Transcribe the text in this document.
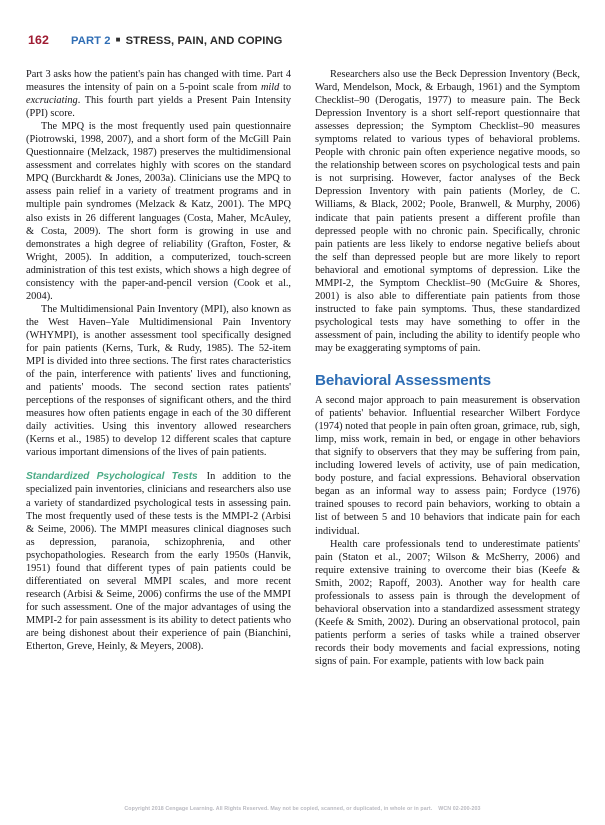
162 PART 2 ■ STRESS, PAIN, AND COPING

Part 3 asks how the patient's pain has changed with time. Part 4 measures the intensity of pain on a 5-point scale from mild to excruciating. This fourth part yields a Present Pain Intensity (PPI) score.

The MPQ is the most frequently used pain questionnaire (Piotrowski, 1998, 2007), and a short form of the McGill Pain Questionnaire (Melzack, 1987) preserves the multidimensional assessment and correlates highly with scores on the standard MPQ (Burckhardt & Jones, 2003a). Clinicians use the MPQ to assess pain relief in a variety of treatment programs and in multiple pain syndromes (Melzack & Katz, 2001). The MPQ also exists in 26 different languages (Costa, Maher, McAuley, & Costa, 2009). The short form is growing in use and demonstrates a high degree of reliability (Grafton, Foster, & Wright, 2005). In addition, a computerized, touch-screen administration of this test exists, which shows a high degree of consistency with the paper-and-pencil version (Cook et al., 2004).

The Multidimensional Pain Inventory (MPI), also known as the West Haven–Yale Multidimensional Pain Inventory (WHYMPI), is another assessment tool specifically designed for pain patients (Kerns, Turk, & Rudy, 1985). The 52-item MPI is divided into three sections. The first rates characteristics of the pain, interference with patients' lives and functioning, and patients' moods. The second section rates patients' perceptions of the responses of significant others, and the third measures how often patients engage in each of the 30 different daily activities. Using this inventory allowed researchers (Kerns et al., 1985) to develop 12 different scales that capture various important dimensions of the lives of pain patients.

Standardized Psychological Tests In addition to the specialized pain inventories, clinicians and researchers also use a variety of standardized psychological tests in assessing pain. The most frequently used of these tests is the MMPI-2 (Arbisi & Seime, 2006). The MMPI measures clinical diagnoses such as depression, paranoia, schizophrenia, and other psychopathologies. Research from the early 1950s (Hanvik, 1951) found that different types of pain patients could be differentiated on several MMPI scales, and more recent research (Arbisi & Seime, 2006) confirms the use of the MMPI for such assessment. One of the major advantages of using the MMPI-2 for pain assessment is its ability to detect patients who are being dishonest about their experience of pain (Bianchini, Etherton, Greve, Heinly, & Meyers, 2008).

Researchers also use the Beck Depression Inventory (Beck, Ward, Mendelson, Mock, & Erbaugh, 1961) and the Symptom Checklist–90 (Derogatis, 1977) to measure pain. The Beck Depression Inventory is a short self-report questionnaire that assesses depression; the Symptom Checklist–90 measures symptoms related to various types of behavioral problems. People with chronic pain often experience negative moods, so the relationship between scores on psychological tests and pain is not surprising. However, factor analyses of the Beck Depression Inventory with pain patients (Morley, de C. Williams, & Black, 2002; Poole, Branwell, & Murphy, 2006) indicate that pain patients present a different profile than depressed people with no chronic pain. Specifically, chronic pain patients are less likely to endorse negative beliefs about the self than depressed people but are more likely to report behavioral and emotional symptoms of depression. Like the MMPI-2, the Symptom Checklist–90 (McGuire & Shores, 2001) is also able to differentiate pain patients from those instructed to fake pain symptoms. Thus, these standardized psychological tests may have something to offer in the assessment of pain, including the ability to identify people who may be exaggerating symptoms of pain.

Behavioral Assessments

A second major approach to pain measurement is observation of patients' behavior. Influential researcher Wilbert Fordyce (1974) noted that people in pain often groan, grimace, rub, sigh, limp, miss work, remain in bed, or engage in other behaviors that signify to observers that they may be suffering from pain, including lowered levels of activity, use of pain medication, body posture, and facial expressions. Behavioral observation began as an informal way to assess pain; Fordyce (1976) trained spouses to record pain behaviors, working to obtain a list of between 5 and 10 behaviors that indicate pain for each individual.

Health care professionals tend to underestimate patients' pain (Staton et al., 2007; Wilson & McSherry, 2006) and require extensive training to overcome their bias (Keefe & Smith, 2002; Rapoff, 2003). Another way for health care professionals to assess pain is through the development of behavioral observation into a standardized assessment strategy (Keefe & Smith, 2002). During an observational protocol, pain patients perform a series of tasks while a trained observer records their body movements and facial expressions, noting signs of pain. For example, patients with low back pain

Copyright 2018 Cengage Learning. All Rights Reserved. May not be copied, scanned, or duplicated, in whole or in part. WCN 02-200-203
